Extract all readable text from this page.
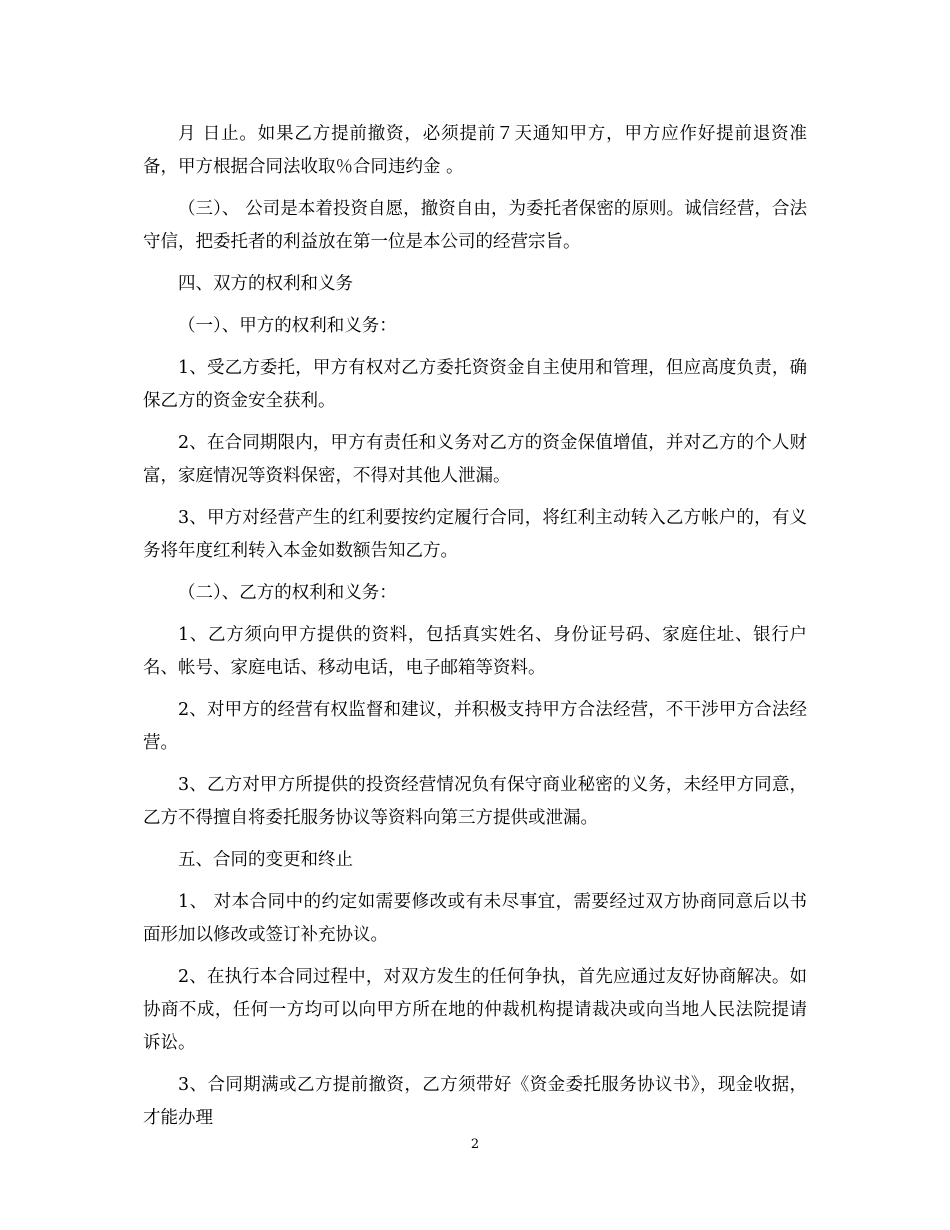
月 日止。如果乙方提前撤资，必须提前７天通知甲方，甲方应作好提前退资准备，甲方根据合同法收取％合同违约金 。

（三）、 公司是本着投资自愿，撤资自由，为委托者保密的原则。诚信经营，合法守信，把委托者的利益放在第一位是本公司的经营宗旨。

四、双方的权利和义务

（一）、甲方的权利和义务：

1、受乙方委托，甲方有权对乙方委托资资金自主使用和管理，但应高度负责，确保乙方的资金安全获利。

2、在合同期限内，甲方有责任和义务对乙方的资金保值增值，并对乙方的个人财富，家庭情况等资料保密，不得对其他人泄漏。

3、甲方对经营产生的红利要按约定履行合同，将红利主动转入乙方帐户的，有义务将年度红利转入本金如数额告知乙方。

（二）、乙方的权利和义务：

1、乙方须向甲方提供的资料，包括真实姓名、身份证号码、家庭住址、银行户名、帐号、家庭电话、移动电话，电子邮箱等资料。

2、对甲方的经营有权监督和建议，并积极支持甲方合法经营，不干涉甲方合法经营。

3、乙方对甲方所提供的投资经营情况负有保守商业秘密的义务，未经甲方同意，乙方不得擅自将委托服务协议等资料向第三方提供或泄漏。

五、合同的变更和终止

1、 对本合同中的约定如需要修改或有未尽事宜，需要经过双方协商同意后以书面形加以修改或签订补充协议。

2、在执行本合同过程中，对双方发生的任何争执，首先应通过友好协商解决。如协商不成，任何一方均可以向甲方所在地的仲裁机构提请裁决或向当地人民法院提请诉讼。

3、合同期满或乙方提前撤资，乙方须带好《资金委托服务协议书》，现金收据，才能办理

2
